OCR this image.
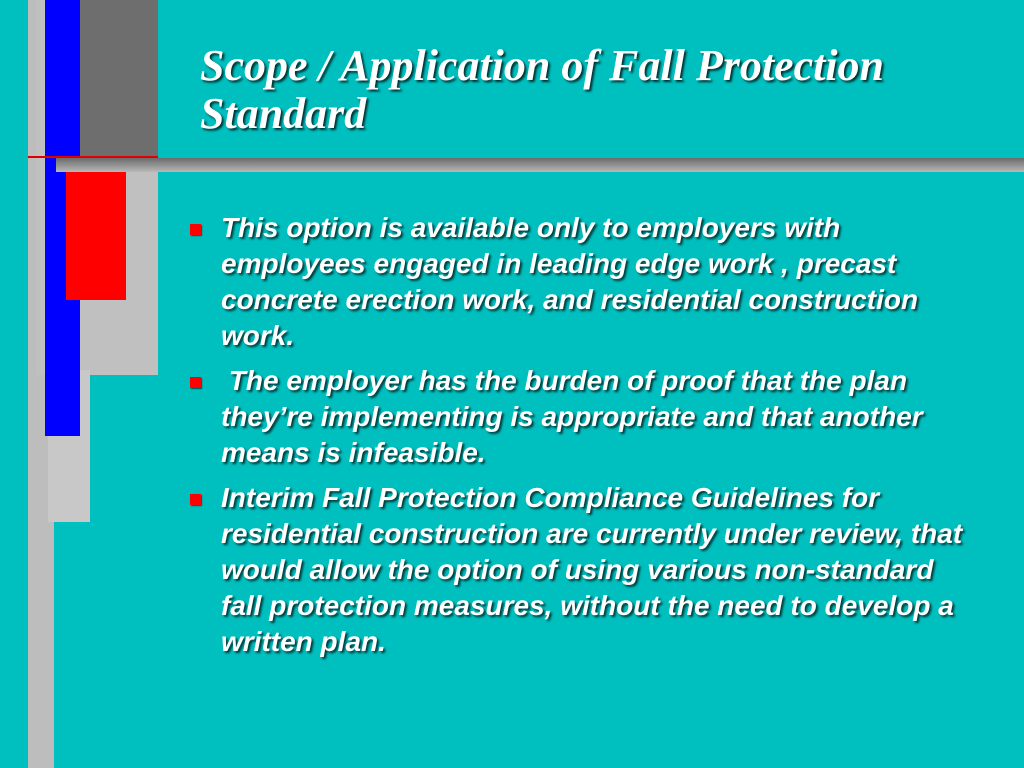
Scope / Application of Fall Protection Standard
This option is available only to employers with employees engaged in leading edge work , precast concrete erection work, and residential construction work.
The employer has the burden of proof that the plan they’re implementing is appropriate and that another means is infeasible.
Interim Fall Protection Compliance Guidelines for residential construction are currently under review, that would allow the option of using various non-standard fall protection measures, without the need to develop a written plan.
